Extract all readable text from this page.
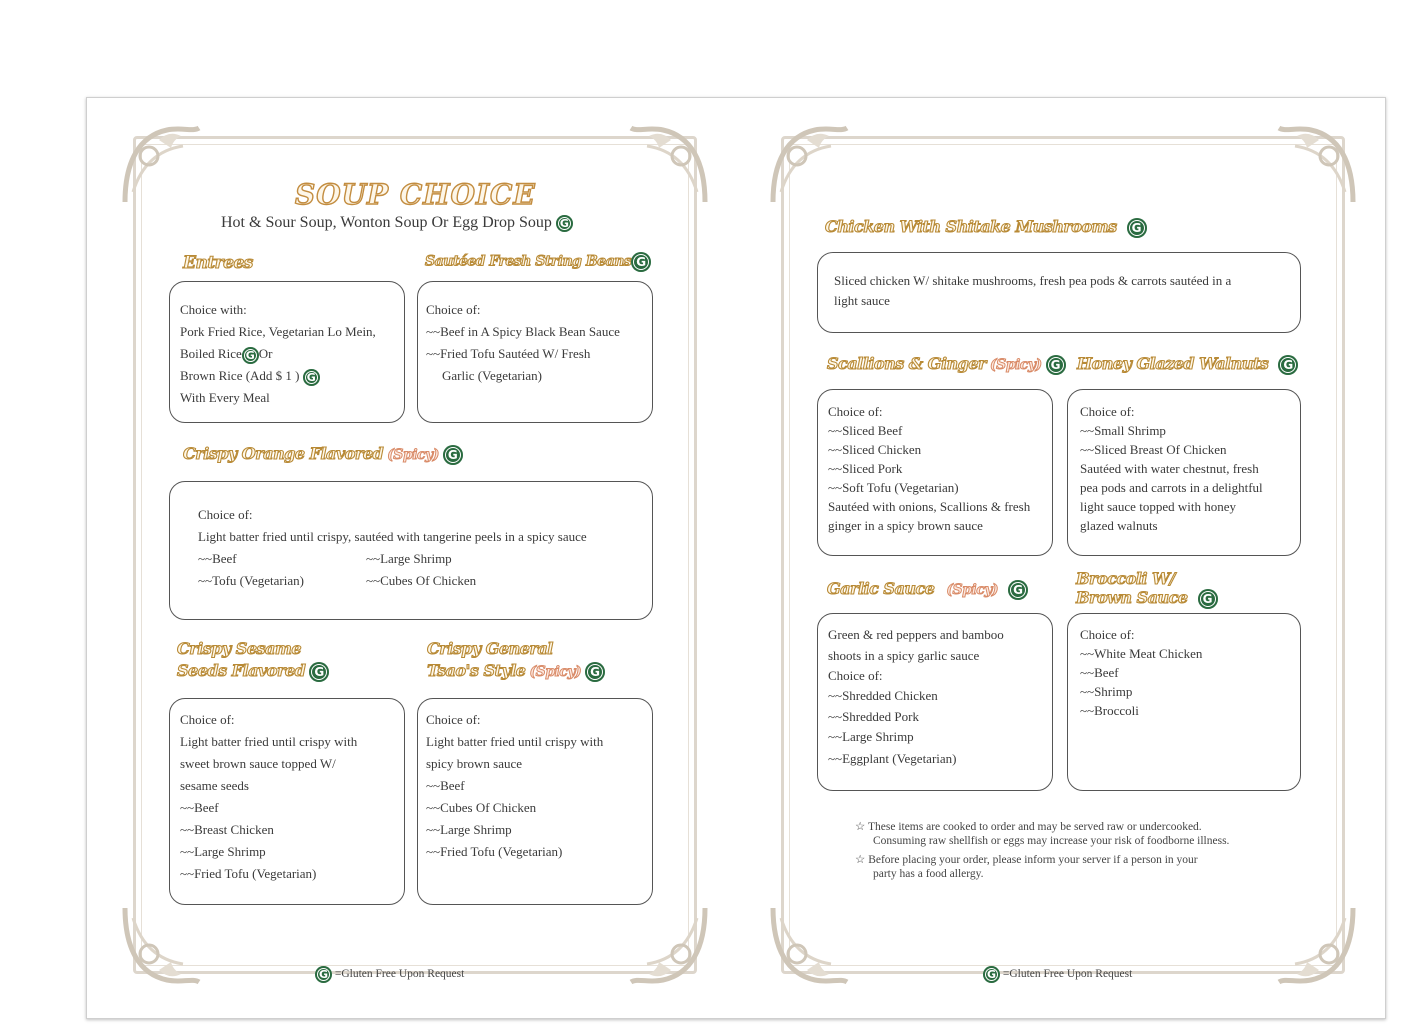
SOUP CHOICE
Hot & Sour Soup, Wonton Soup Or Egg Drop Soup G
Entrees
Choice with:
Pork Fried Rice, Vegetarian Lo Mein,
Boiled Rice G Or
Brown Rice (Add $ 1 ) G
With Every Meal
Sautéed Fresh String Beans G
Choice of:
~~Beef in A Spicy Black Bean Sauce
~~Fried Tofu Sautéed W/ Fresh
Garlic (Vegetarian)
Crispy Orange Flavored (Spicy) G
Choice of:
Light batter fried until crispy, sautéed with tangerine peels in a spicy sauce
~~Beef	~~Large Shrimp
~~Tofu (Vegetarian)	~~Cubes Of Chicken
Crispy Sesame
Seeds Flavored G
Choice of:
Light batter fried until crispy with
sweet brown sauce topped W/
sesame seeds
~~Beef
~~Breast Chicken
~~Large Shrimp
~~Fried Tofu (Vegetarian)
Crispy General
Tsao's Style (Spicy) G
Choice of:
Light batter fried until crispy with
spicy brown sauce
~~Beef
~~Cubes Of Chicken
~~Large Shrimp
~~Fried Tofu (Vegetarian)
G =Gluten Free Upon Request
Chicken With Shitake Mushrooms G
Sliced chicken W/ shitake mushrooms, fresh pea pods & carrots sautéed in a
light sauce
Scallions & Ginger (Spicy) G
Choice of:
~~Sliced Beef
~~Sliced Chicken
~~Sliced Pork
~~Soft Tofu (Vegetarian)
Sautéed with onions, Scallions & fresh
ginger in a spicy brown sauce
Honey Glazed Walnuts G
Choice of:
~~Small Shrimp
~~Sliced Breast Of Chicken
Sautéed with water chestnut, fresh
pea pods and carrots in a delightful
light sauce topped with honey
glazed walnuts
Garlic Sauce (Spicy) G
Green & red peppers and bamboo
shoots in a spicy garlic sauce
Choice of:
~~Shredded Chicken
~~Shredded Pork
~~Large Shrimp
~~Eggplant (Vegetarian)
Broccoli W/
Brown Sauce G
Choice of:
~~White Meat Chicken
~~Beef
~~Shrimp
~~Broccoli
☆ These items are cooked to order and may be served raw or undercooked.
Consuming raw shellfish or eggs may increase your risk of foodborne illness.
☆ Before placing your order, please inform your server if a person in your
party has a food allergy.
G =Gluten Free Upon Request
